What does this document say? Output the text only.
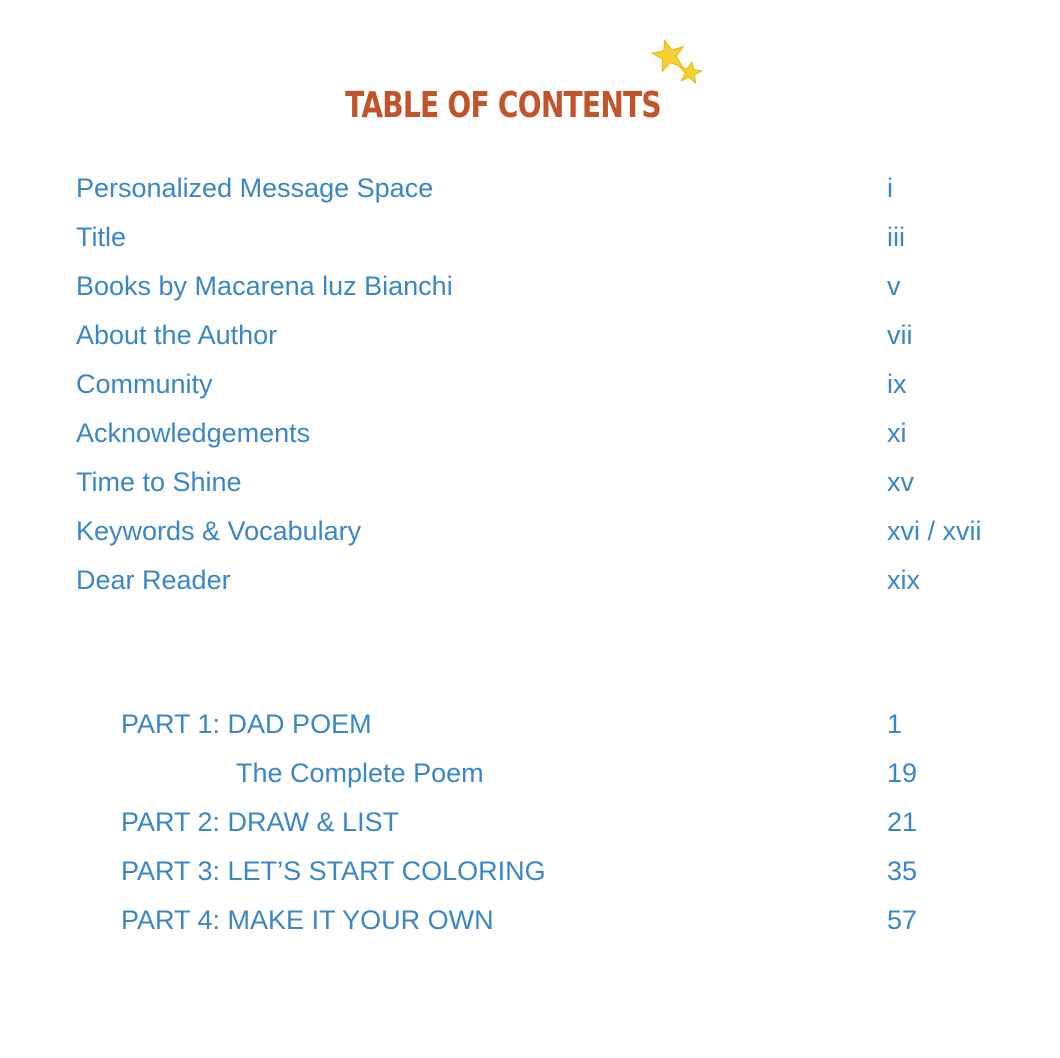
TABLE OF CONTENTS
Personalized Message Space	i
Title	iii
Books by Macarena luz Bianchi	v
About the Author	vii
Community	ix
Acknowledgements	xi
Time to Shine	xv
Keywords & Vocabulary	xvi / xvii
Dear Reader	xix
PART 1: DAD POEM	1
The Complete Poem	19
PART 2: DRAW & LIST	21
PART 3: LET’S START COLORING	35
PART 4: MAKE IT YOUR OWN	57
